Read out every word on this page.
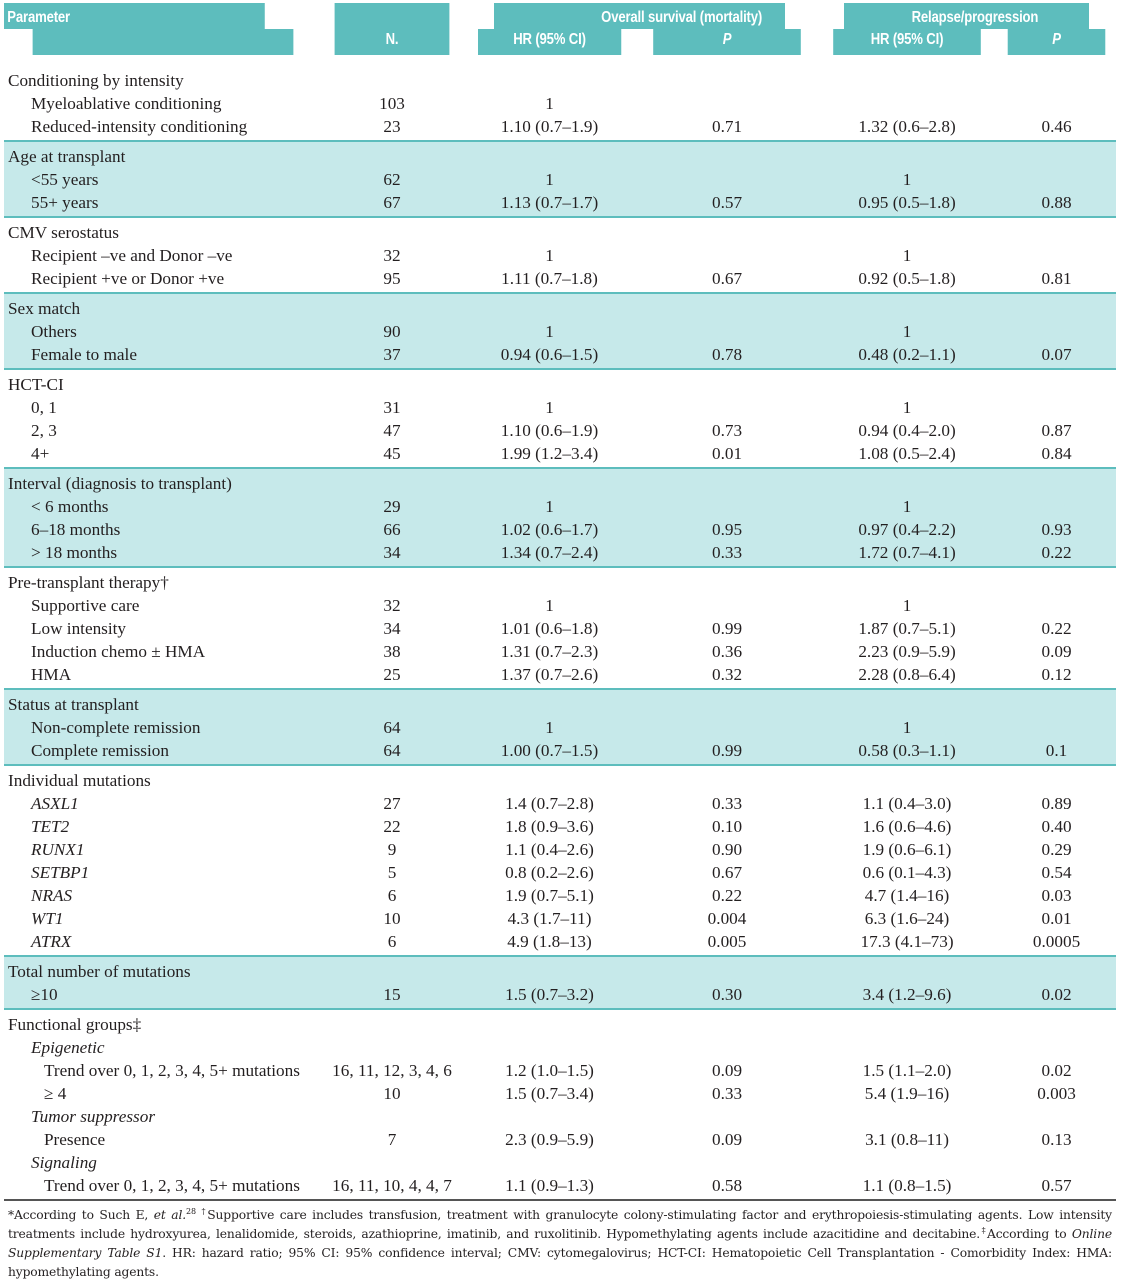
Parameter		Overall survival (mortality)		Relapse/progression	
	N.	HR (95% CI)	P	HR (95% CI)	P
Conditioning by intensity					
Myeloablative conditioning	103	1			
Reduced-intensity conditioning	23	1.10 (0.7–1.9)	0.71	1.32 (0.6–2.8)	0.46
Age at transplant					
<55 years	62	1		1	
55+ years	67	1.13 (0.7–1.7)	0.57	0.95 (0.5–1.8)	0.88
CMV serostatus					
Recipient –ve and Donor –ve	32	1		1	
Recipient +ve or Donor +ve	95	1.11 (0.7–1.8)	0.67	0.92 (0.5–1.8)	0.81
Sex match					
Others	90	1		1	
Female to male	37	0.94 (0.6–1.5)	0.78	0.48 (0.2–1.1)	0.07
HCT-CI					
0, 1	31	1		1	
2, 3	47	1.10 (0.6–1.9)	0.73	0.94 (0.4–2.0)	0.87
4+	45	1.99 (1.2–3.4)	0.01	1.08 (0.5–2.4)	0.84
Interval (diagnosis to transplant)					
< 6 months	29	1		1	
6–18 months	66	1.02 (0.6–1.7)	0.95	0.97 (0.4–2.2)	0.93
> 18 months	34	1.34 (0.7–2.4)	0.33	1.72 (0.7–4.1)	0.22
Pre-transplant therapy†					
Supportive care	32	1		1	
Low intensity	34	1.01 (0.6–1.8)	0.99	1.87 (0.7–5.1)	0.22
Induction chemo ± HMA	38	1.31 (0.7–2.3)	0.36	2.23 (0.9–5.9)	0.09
HMA	25	1.37 (0.7–2.6)	0.32	2.28 (0.8–6.4)	0.12
Status at transplant					
Non-complete remission	64	1		1	
Complete remission	64	1.00 (0.7–1.5)	0.99	0.58 (0.3–1.1)	0.1
Individual mutations					
ASXL1	27	1.4 (0.7–2.8)	0.33	1.1 (0.4–3.0)	0.89
TET2	22	1.8 (0.9–3.6)	0.10	1.6 (0.6–4.6)	0.40
RUNX1	9	1.1 (0.4–2.6)	0.90	1.9 (0.6–6.1)	0.29
SETBP1	5	0.8 (0.2–2.6)	0.67	0.6 (0.1–4.3)	0.54
NRAS	6	1.9 (0.7–5.1)	0.22	4.7 (1.4–16)	0.03
WT1	10	4.3 (1.7–11)	0.004	6.3 (1.6–24)	0.01
ATRX	6	4.9 (1.8–13)	0.005	17.3 (4.1–73)	0.0005
Total number of mutations					
≥10	15	1.5 (0.7–3.2)	0.30	3.4 (1.2–9.6)	0.02
Functional groups‡					
Epigenetic					
Trend over 0, 1, 2, 3, 4, 5+ mutations	16, 11, 12, 3, 4, 6	1.2 (1.0–1.5)	0.09	1.5 (1.1–2.0)	0.02
≥ 4	10	1.5 (0.7–3.4)	0.33	5.4 (1.9–16)	0.003
Tumor suppressor					
Presence	7	2.3 (0.9–5.9)	0.09	3.1 (0.8–11)	0.13
Signaling					
Trend over 0, 1, 2, 3, 4, 5+ mutations	16, 11, 10, 4, 4, 7	1.1 (0.9–1.3)	0.58	1.1 (0.8–1.5)	0.57
*According to Such E, et al.$^{28}$ †Supportive care includes transfusion, treatment with granulocyte colony-stimulating factor and erythropoiesis-stimulating agents. Low intensity treatments include hydroxyurea, lenalidomide, steroids, azathioprine, imatinib, and ruxolitinib. Hypomethylating agents include azacitidine and decitabine.‡According to Online Supplementary Table S1. HR: hazard ratio; 95% CI: 95% confidence interval; CMV: cytomegalovirus; HCT-CI: Hematopoietic Cell Transplantation - Comorbidity Index: HMA: hypomethylating agents.
